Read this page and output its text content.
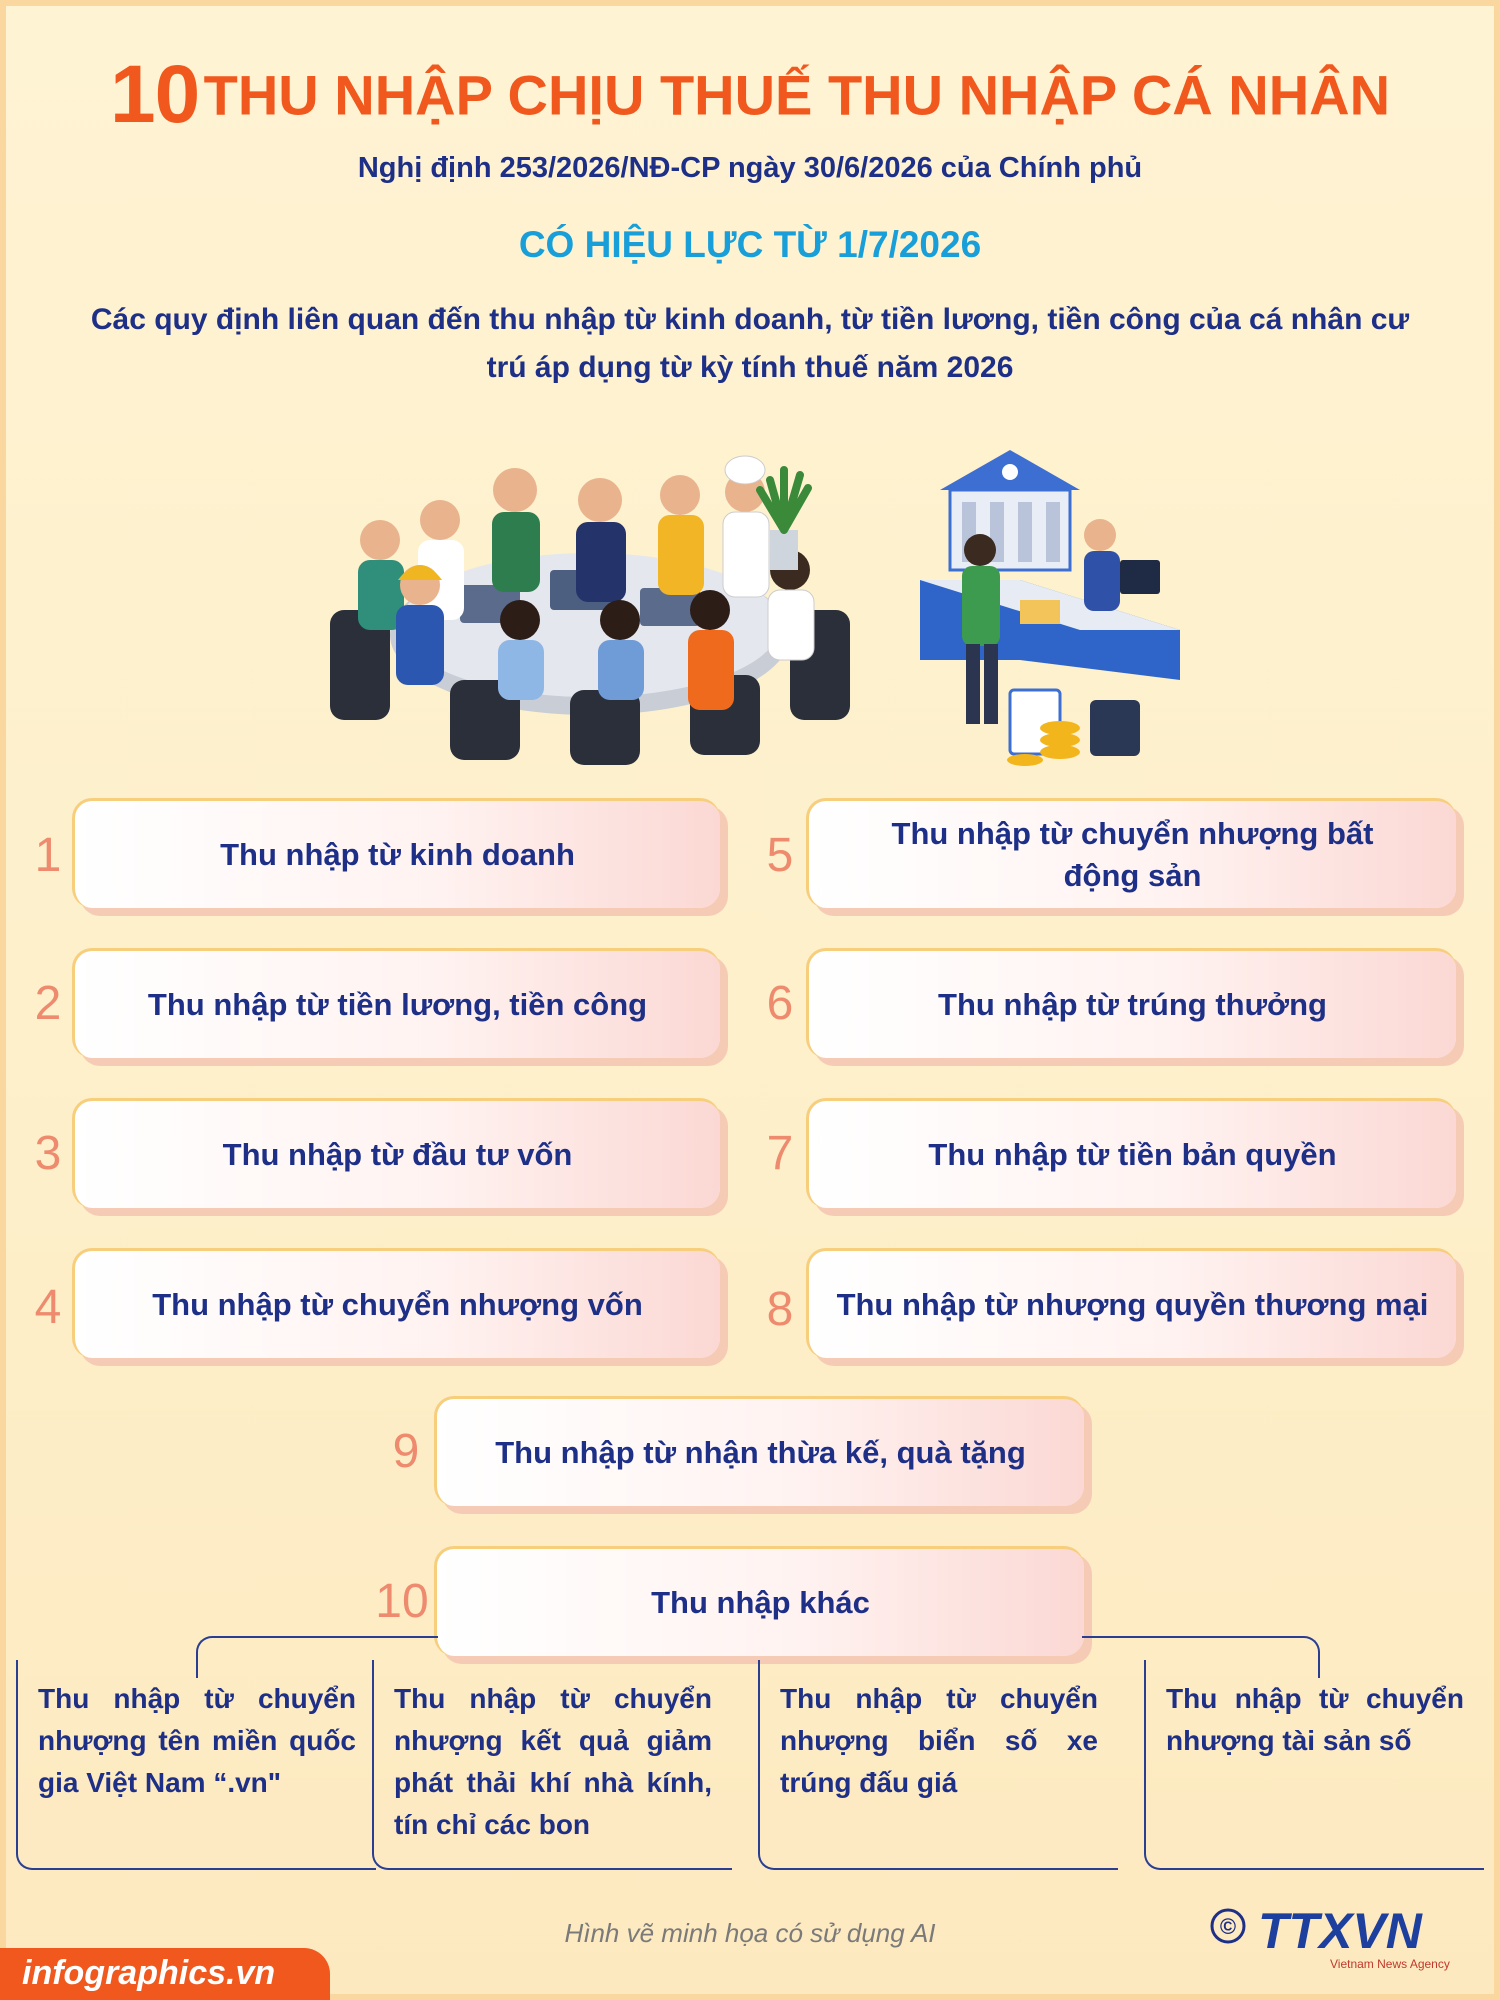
10 THU NHẬP CHỊU THUẾ THU NHẬP CÁ NHÂN
Nghị định 253/2026/NĐ-CP ngày 30/6/2026 của Chính phủ
CÓ HIỆU LỰC TỪ 1/7/2026
Các quy định liên quan đến thu nhập từ kinh doanh, từ tiền lương, tiền công của cá nhân cư trú áp dụng từ kỳ tính thuế năm 2026
1	Thu nhập từ kinh doanh
2	Thu nhập từ tiền lương, tiền công
3	Thu nhập từ đầu tư vốn
4	Thu nhập từ chuyển nhượng vốn
5	Thu nhập từ chuyển nhượng bất động sản
6	Thu nhập từ trúng thưởng
7	Thu nhập từ tiền bản quyền
8	Thu nhập từ nhượng quyền thương mại
9	Thu nhập từ nhận thừa kế, quà tặng
10	Thu nhập khác
Thu nhập từ chuyển nhượng tên miền quốc gia Việt Nam “.vn"
Thu nhập từ chuyển nhượng kết quả giảm phát thải khí nhà kính, tín chỉ các bon
Thu nhập từ chuyển nhượng biển số xe trúng đấu giá
Thu nhập từ chuyển nhượng tài sản số
Hình vẽ minh họa có sử dụng AI	© TTXVN
Vietnam News Agency
infographics.vn
